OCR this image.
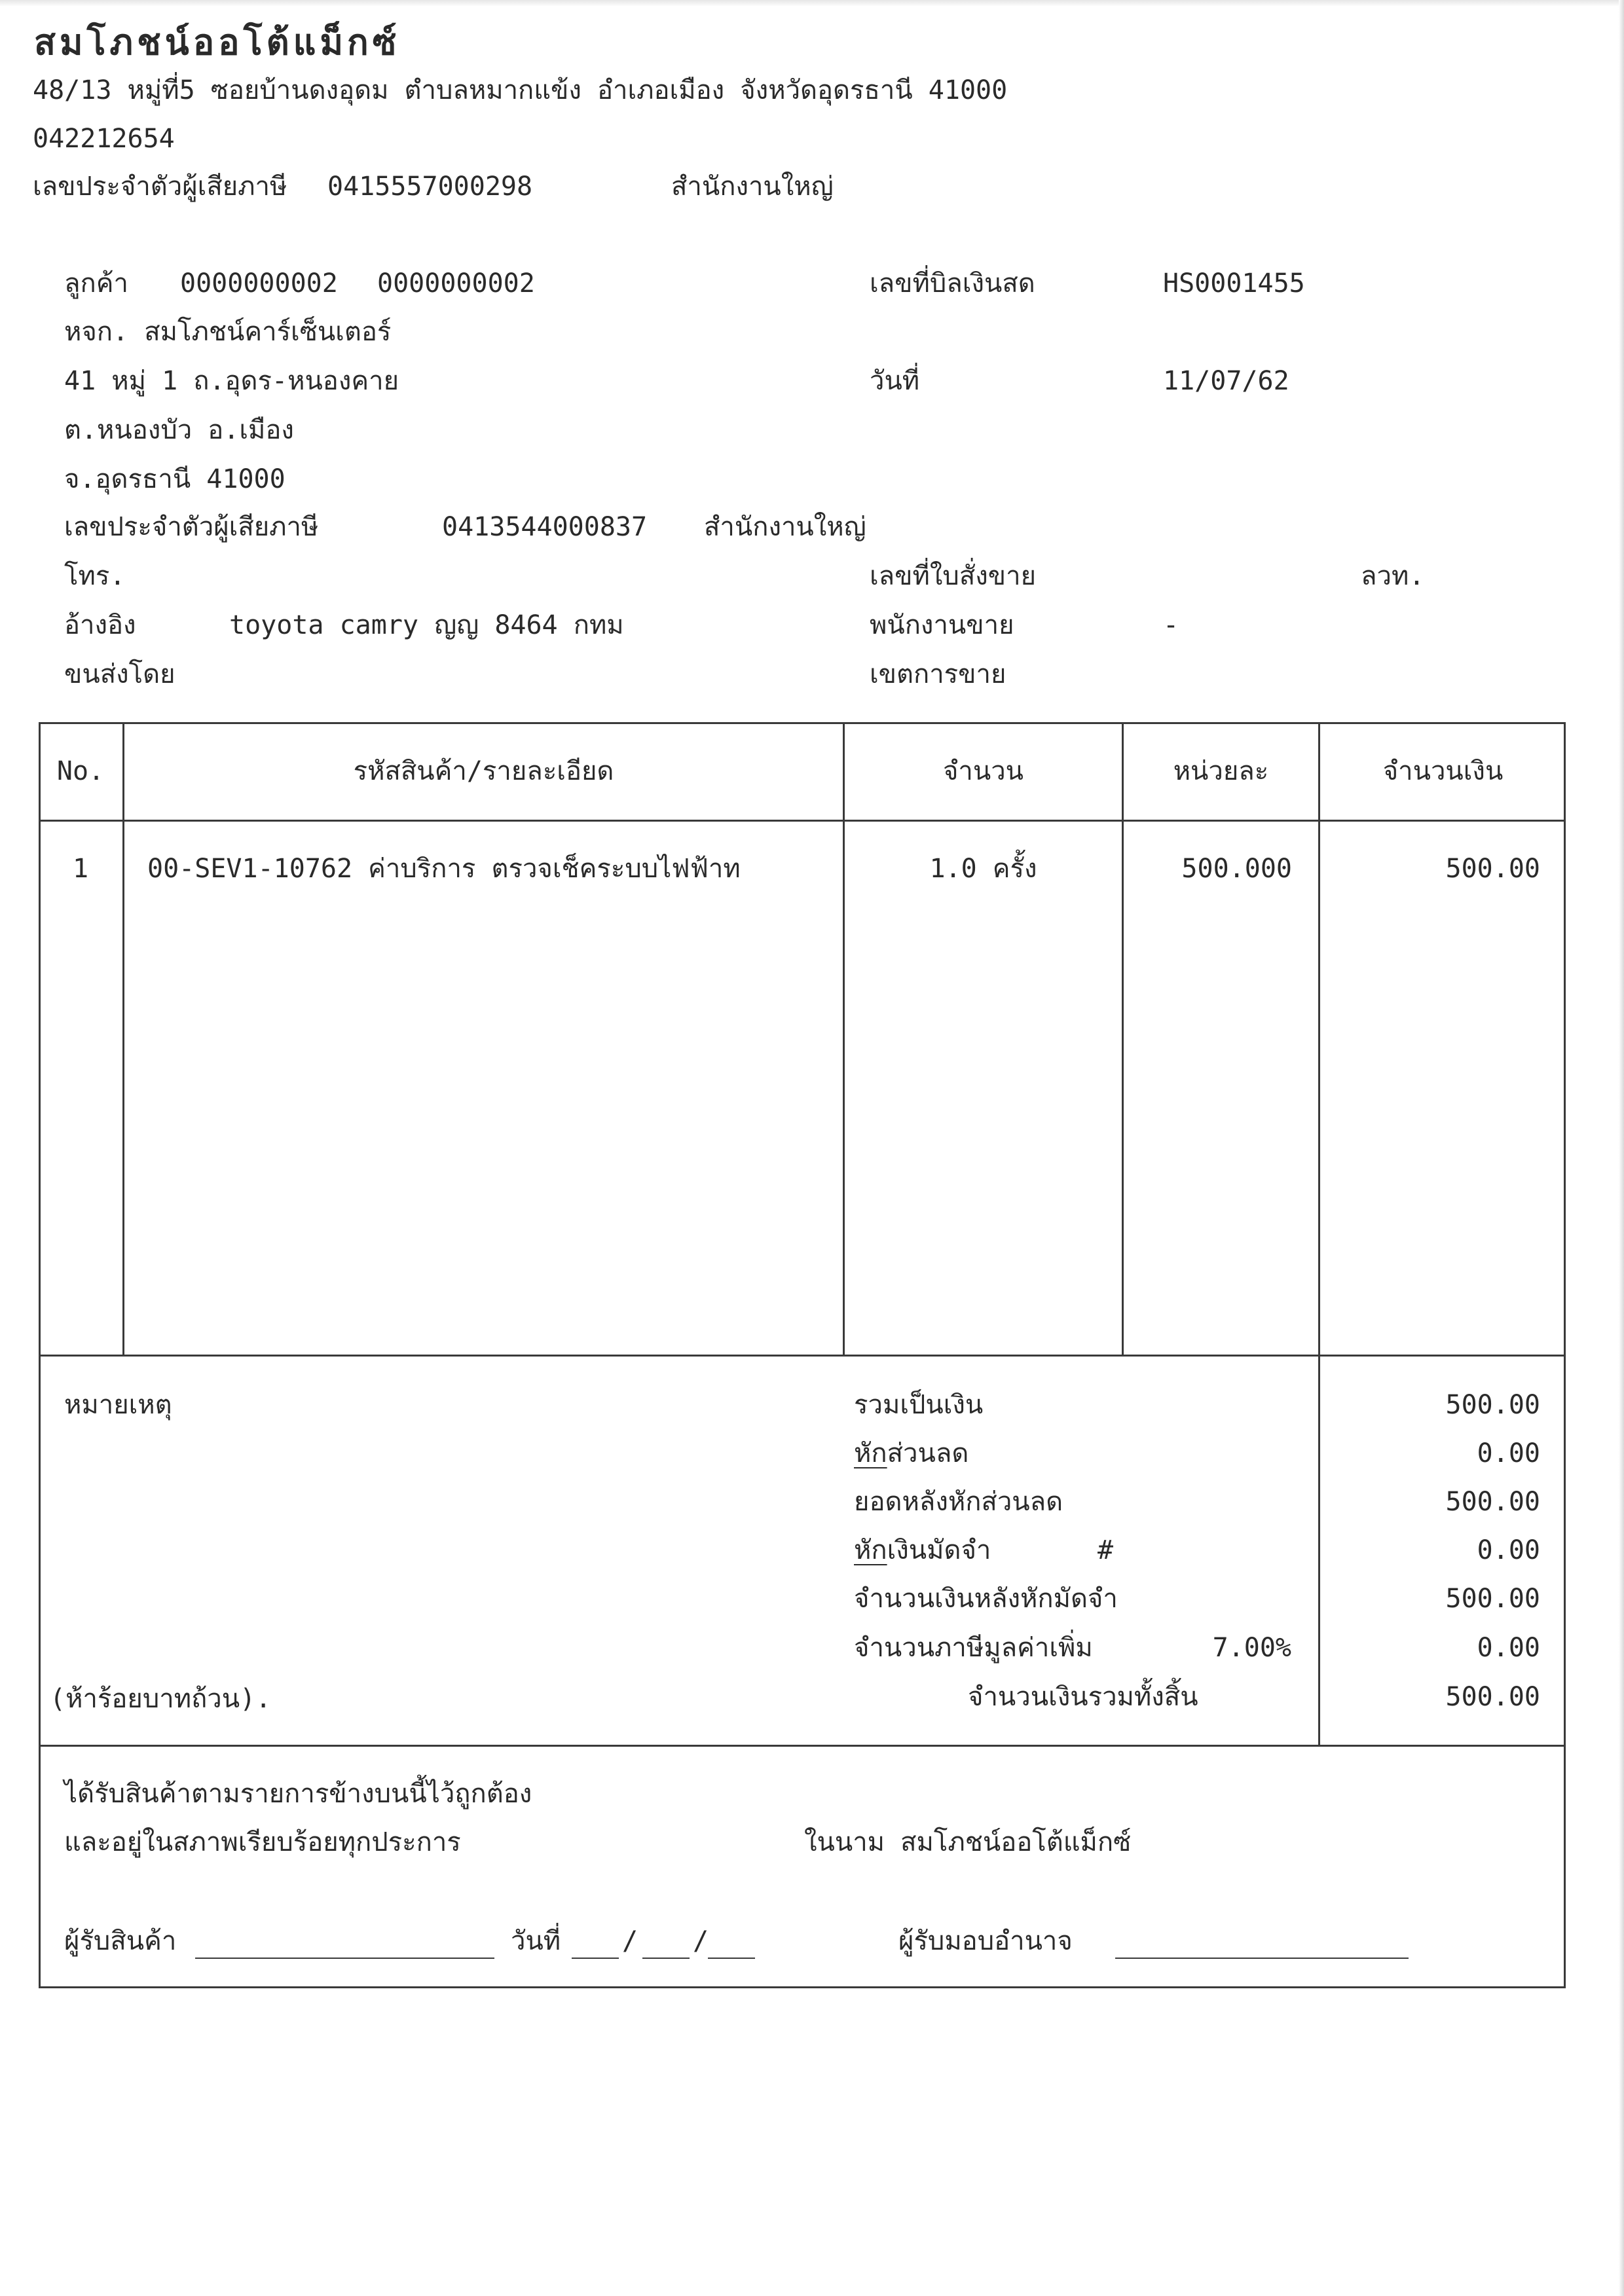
สมโภชน์ออโต้แม็กซ์
48/13 หมู่ที่5 ซอยบ้านดงอุดม ตำบลหมากแข้ง อำเภอเมือง จังหวัดอุดรธานี 41000
042212654
เลขประจำตัวผู้เสียภาษี 0415557000298	สำนักงานใหญ่
ลูกค้า 0000000002 0000000002
หจก. สมโภชน์คาร์เซ็นเตอร์
41 หมู่ 1 ถ.อุดร-หนองคาย
ต.หนองบัว อ.เมือง
จ.อุดรธานี 41000
เลขประจำตัวผู้เสียภาษี	0413544000837 สำนักงานใหญ่
โทร.
อ้างอิง	toyota camry ญญ 8464 กทม
ขนส่งโดย
เลขที่บิลเงินสด	HS0001455
วันที่	11/07/62
เลขที่ใบสั่งขาย	ลวท.
พนักงานขาย	-
เขตการขาย
No.	รหัสสินค้า/รายละเอียด	จำนวน	หน่วยละ	จำนวนเงิน
1	00-SEV1-10762 ค่าบริการ ตรวจเช็คระบบไฟฟ้าท	1.0 ครั้ง	500.000	500.00
หมายเหตุ
(ห้าร้อยบาทถ้วน).
รวมเป็นเงิน	500.00
หักส่วนลด	0.00
ยอดหลังหักส่วนลด	500.00
หักเงินมัดจำ	#	0.00
จำนวนเงินหลังหักมัดจำ	500.00
จำนวนภาษีมูลค่าเพิ่ม	7.00%	0.00
จำนวนเงินรวมทั้งสิ้น	500.00
ได้รับสินค้าตามรายการข้างบนนี้ไว้ถูกต้อง
และอยู่ในสภาพเรียบร้อยทุกประการ	ในนาม สมโภชน์ออโต้แม็กซ์
ผู้รับสินค้า	วันที่ / /	ผู้รับมอบอำนาจ
